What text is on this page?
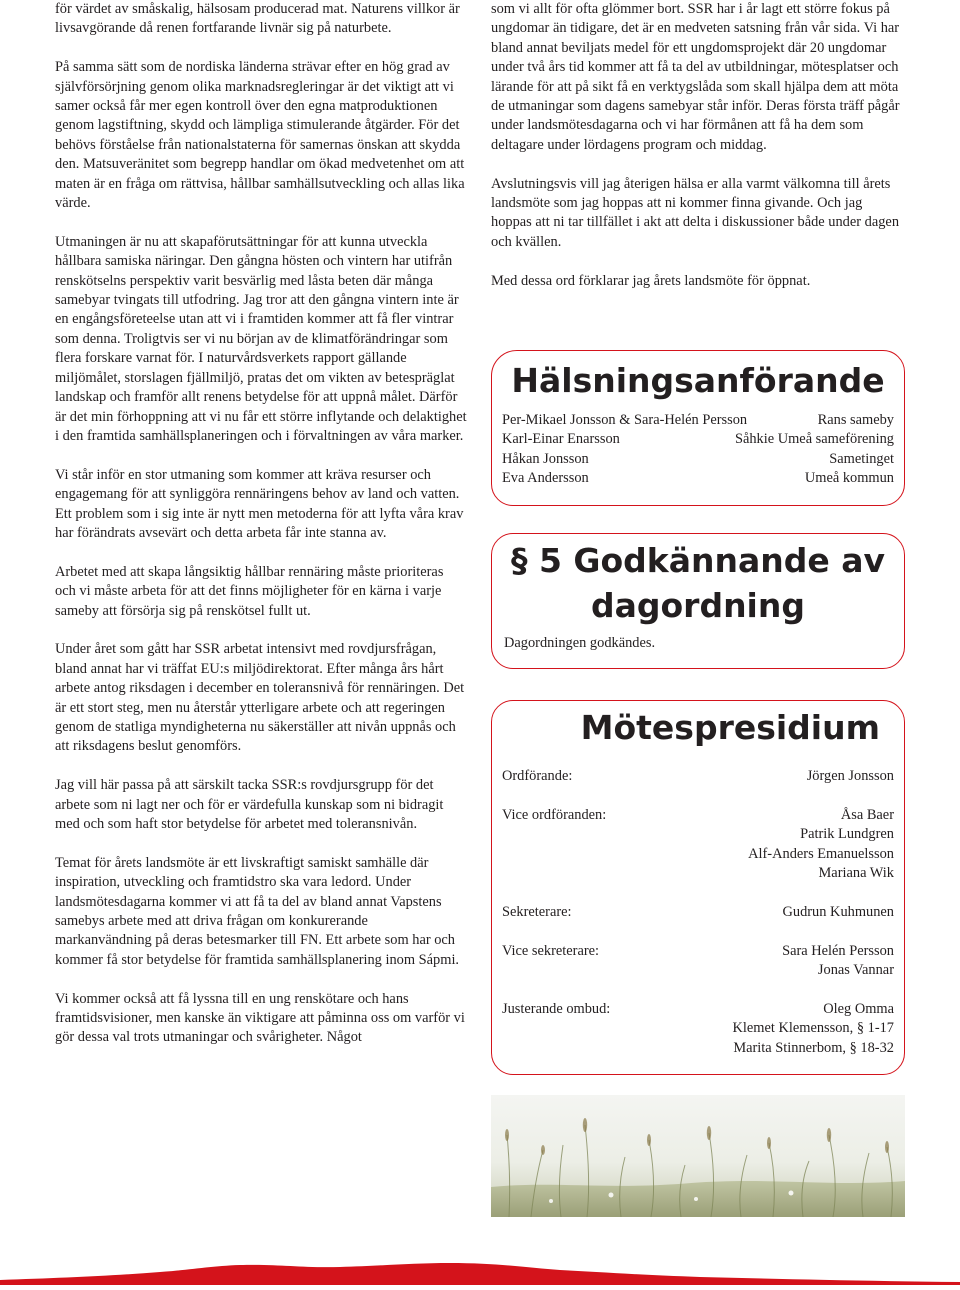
för värdet av småskalig, hälsosam producerad mat. Naturens villkor är livsavgörande då renen fortfarande livnär sig på naturbete.

På samma sätt som de nordiska länderna strävar efter en hög grad av självförsörjning genom olika marknadsregleringar är det viktigt att vi samer också får mer egen kontroll över den egna matproduktionen genom lagstiftning, skydd och lämpliga stimulerande åtgärder. För det behövs förståelse från nationalstaterna för samernas önskan att skydda den. Matsuveränitet som begrepp handlar om ökad medvetenhet om att maten är en fråga om rättvisa, hållbar samhällsutveckling och allas lika värde.

Utmaningen är nu att skapaförutsättningar för att kunna utveckla hållbara samiska näringar. Den gångna hösten och vintern har utifrån renskötselns perspektiv varit besvärlig med låsta beten där många samebyar tvingats till utfodring. Jag tror att den gångna vintern inte är en engångsföreteelse utan att vi i framtiden kommer att få fler vintrar som denna. Troligtvis ser vi nu början av de klimatförändringar som flera forskare varnat för. I naturvårdsverkets rapport gällande miljömålet, storslagen fjällmiljö, pratas det om vikten av betespräglat landskap och framför allt renens betydelse för att uppnå målet. Därför är det min förhoppning att vi nu får ett större inflytande och delaktighet i den framtida samhällsplaneringen och i förvaltningen av våra marker.

Vi står inför en stor utmaning som kommer att kräva resurser och engagemang för att synliggöra rennäringens behov av land och vatten. Ett problem som i sig inte är nytt men metoderna för att lyfta våra krav har förändrats avsevärt och detta arbeta får inte stanna av.

Arbetet med att skapa långsiktig hållbar rennäring måste prioriteras och vi måste arbeta för att det finns möjligheter för en kärna i varje sameby att försörja sig på renskötsel fullt ut.

Under året som gått har SSR arbetat intensivt med rovdjursfrågan, bland annat har vi träffat EU:s miljödirektorat. Efter många års hårt arbete antog riksdagen i december en toleransnivå för rennäringen. Det är ett stort steg, men nu återstår ytterligare arbete och att regeringen genom de statliga myndigheterna nu säkerställer att nivån uppnås och att riksdagens beslut genomförs.

Jag vill här passa på att särskilt tacka SSR:s rovdjursgrupp för det arbete som ni lagt ner och för er värdefulla kunskap som ni bidragit med och som haft stor betydelse för arbetet med toleransnivån.

Temat för årets landsmöte är ett livskraftigt samiskt samhälle där inspiration, utveckling och framtidstro ska vara ledord. Under landsmötesdagarna kommer vi att få ta del av bland annat Vapstens samebys arbete med att driva frågan om konkurerande markanvändning på deras betesmarker till FN. Ett arbete som har och kommer få stor betydelse för framtida samhällsplanering inom Sápmi.

Vi kommer också att få lyssna till en ung renskötare och hans framtidsvisioner, men kanske än viktigare att påminna oss om varför vi gör dessa val trots utmaningar och svårigheter. Något

som vi allt för ofta glömmer bort. SSR har i år lagt ett större fokus på ungdomar än tidigare, det är en medveten satsning från vår sida. Vi har bland annat beviljats medel för ett ungdomsprojekt där 20 ungdomar under två års tid kommer att få ta del av utbildningar, mötesplatser och lärande för att på sikt få en verktygslåda som skall hjälpa dem att möta de utmaningar som dagens samebyar står inför. Deras första träff pågår under landsmötesdagarna och vi har förmånen att få ha dem som deltagare under lördagens program och middag.

Avslutningsvis vill jag återigen hälsa er alla varmt välkomna till årets landsmöte som jag hoppas att ni kommer finna givande. Och jag hoppas att ni tar tillfället i akt att delta i diskussioner både under dagen och kvällen.

Med dessa ord förklarar jag årets landsmöte för öppnat.

Hälsningsanförande
Per-Mikael Jonsson & Sara-Helén Persson	Rans sameby
Karl-Einar Enarsson	Såhkie Umeå sameförening
Håkan Jonsson	Sametinget
Eva Andersson	Umeå kommun
§ 5 Godkännande av
dagordning
Dagordningen godkändes.
Mötespresidium
Ordförande:	Jörgen Jonsson
Vice ordföranden:	Åsa Baer
Patrik Lundgren
Alf-Anders Emanuelsson
Mariana Wik
Sekreterare:	Gudrun Kuhmunen
Vice sekreterare:	Sara Helén Persson
Jonas Vannar
Justerande ombud:	Oleg Omma
Klemet Klemensson, § 1-17
Marita Stinnerbom, § 18-32
